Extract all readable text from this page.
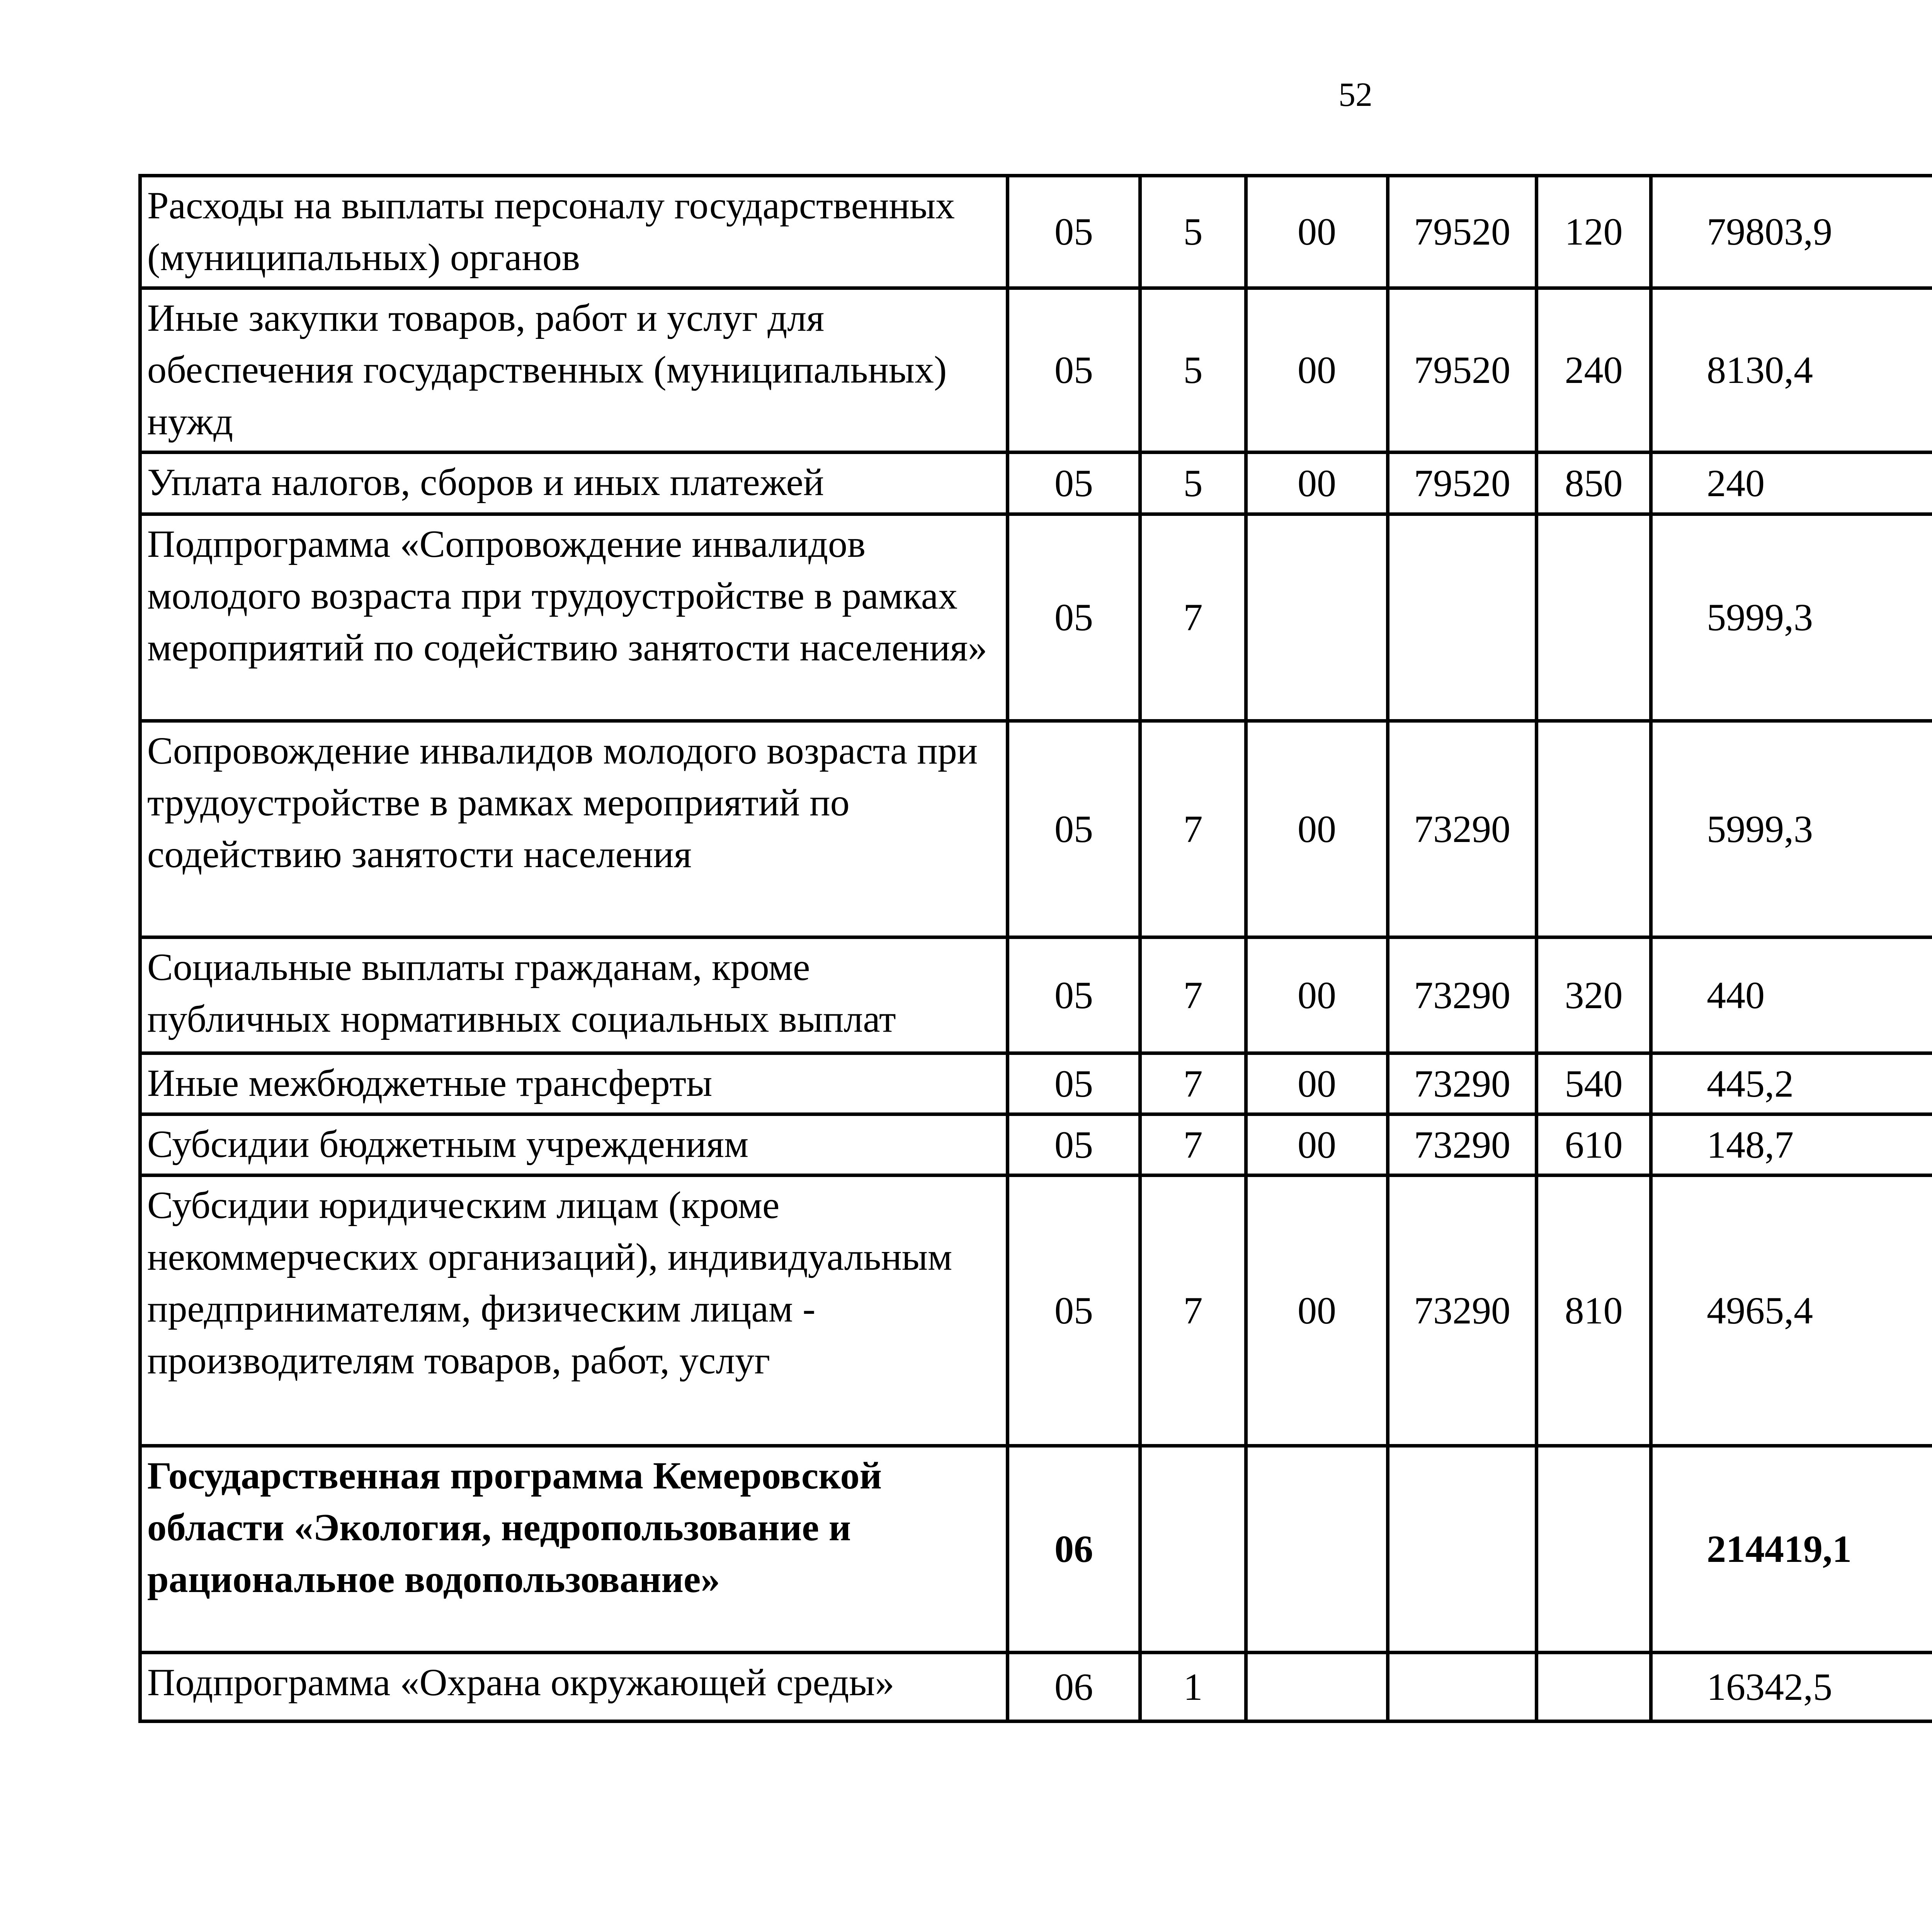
52
Расходы на выплаты персоналу государственных (муниципальных) органов	05	5	00	79520	120	79803,9		
Иные закупки товаров, работ и услуг для обеспечения государственных (муниципальных) нужд	05	5	00	79520	240	8130,4		
Уплата налогов, сборов и иных платежей	05	5	00	79520	850	240		
Подпрограмма «Сопровождение инвалидов молодого возраста при трудоустройстве в рамках мероприятий по содействию занятости населения»	05	7				5999,3		
Сопровождение инвалидов молодого возраста при трудоустройстве в рамках мероприятий по содействию занятости населения	05	7	00	73290		5999,3		
Социальные выплаты гражданам, кроме публичных нормативных социальных выплат	05	7	00	73290	320	440		
Иные межбюджетные трансферты	05	7	00	73290	540	445,2		
Субсидии бюджетным учреждениям	05	7	00	73290	610	148,7		
Субсидии юридическим лицам (кроме некоммерческих организаций), индивидуальным предпринимателям, физическим лицам - производителям товаров, работ, услуг	05	7	00	73290	810	4965,4		
Государственная программа Кемеровской области «Экология, недропользование и рациональное водопользование»	06					214419,1		
Подпрограмма «Охрана окружающей среды»	06	1				16342,5		
